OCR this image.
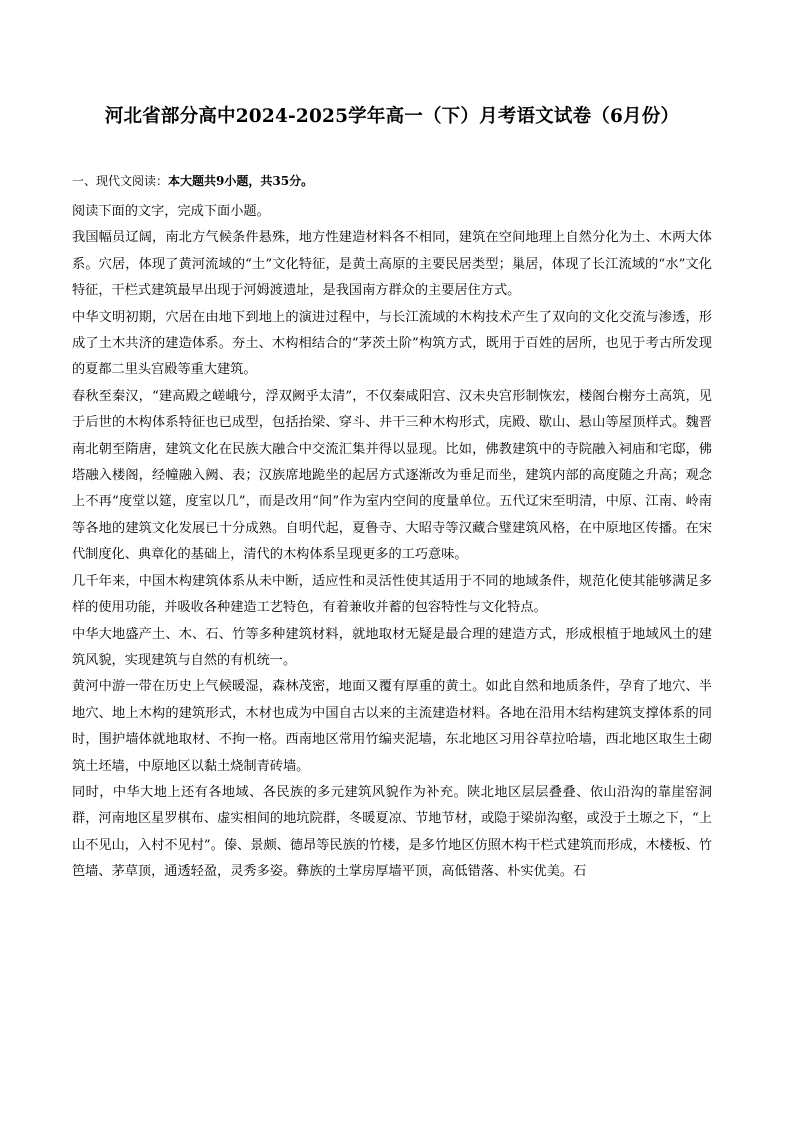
河北省部分高中2024-2025学年高一（下）月考语文试卷（6月份）
一、现代文阅读：本大题共9小题，共35分。

阅读下面的文字，完成下面小题。

我国幅员辽阔，南北方气候条件悬殊，地方性建造材料各不相同，建筑在空间地理上自然分化为土、木两大体系。穴居，体现了黄河流域的“土”文化特征，是黄土高原的主要民居类型；巢居，体现了长江流域的“水”文化特征，干栏式建筑最早出现于河姆渡遗址，是我国南方群众的主要居住方式。

中华文明初期，穴居在由地下到地上的演进过程中，与长江流域的木构技术产生了双向的文化交流与渗透，形成了土木共济的建造体系。夯土、木构相结合的“茅茨土阶”构筑方式，既用于百姓的居所，也见于考古所发现的夏都二里头宫殿等重大建筑。

春秋至秦汉，“建高殿之嵯峨兮，浮双阙乎太清”，不仅秦咸阳宫、汉未央宫形制恢宏，楼阁台榭夯土高筑，见于后世的木构体系特征也已成型，包括抬梁、穿斗、井干三种木构形式，庑殿、歇山、悬山等屋顶样式。魏晋南北朝至隋唐，建筑文化在民族大融合中交流汇集并得以显现。比如，佛教建筑中的寺院融入祠庙和宅邸，佛塔融入楼阁，经幢融入阙、表；汉族席地跪坐的起居方式逐渐改为垂足而坐，建筑内部的高度随之升高；观念上不再“度堂以筵，度室以几”，而是改用“间”作为室内空间的度量单位。五代辽宋至明清，中原、江南、岭南等各地的建筑文化发展已十分成熟。自明代起，夏鲁寺、大昭寺等汉藏合璧建筑风格，在中原地区传播。在宋代制度化、典章化的基础上，清代的木构体系呈现更多的工巧意味。

几千年来，中国木构建筑体系从未中断，适应性和灵活性使其适用于不同的地域条件，规范化使其能够满足多样的使用功能，并吸收各种建造工艺特色，有着兼收并蓄的包容特性与文化特点。

中华大地盛产土、木、石、竹等多种建筑材料，就地取材无疑是最合理的建造方式，形成根植于地域风土的建筑风貌，实现建筑与自然的有机统一。

黄河中游一带在历史上气候暖湿，森林茂密，地面又覆有厚重的黄土。如此自然和地质条件，孕育了地穴、半地穴、地上木构的建筑形式，木材也成为中国自古以来的主流建造材料。各地在沿用木结构建筑支撑体系的同时，围护墙体就地取材、不拘一格。西南地区常用竹编夹泥墙，东北地区习用谷草拉哈墙，西北地区取生土砌筑土坯墙，中原地区以黏土烧制青砖墙。

同时，中华大地上还有各地域、各民族的多元建筑风貌作为补充。陕北地区层层叠叠、依山沿沟的靠崖窑洞群，河南地区星罗棋布、虚实相间的地坑院群，冬暖夏凉、节地节材，或隐于梁峁沟壑，或没于土塬之下，“上山不见山，入村不见村”。傣、景颇、德昂等民族的竹楼，是多竹地区仿照木构干栏式建筑而形成，木楼板、竹笆墙、茅草顶，通透轻盈，灵秀多姿。彝族的土掌房厚墙平顶，高低错落、朴实优美。石
